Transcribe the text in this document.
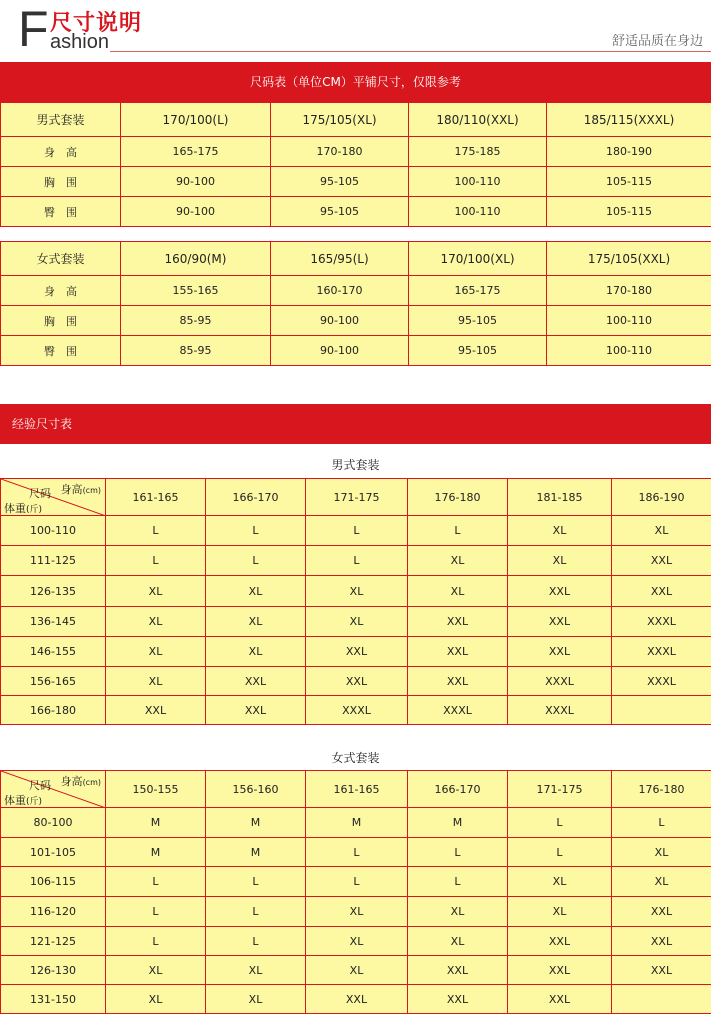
F 尺寸说明
ashion	舒适品质在身边
尺码表（单位CM）平铺尺寸，仅限参考
男式套装	170/100(L)	175/105(XL)	180/110(XXL)	185/115(XXXL)
身　高	165-175	170-180	175-185	180-190
胸　围	90-100	95-105	100-110	105-115
臀　围	90-100	95-105	100-110	105-115
女式套装	160/90(M)	165/95(L)	170/100(XL)	175/105(XXL)
身　高	155-165	160-170	165-175	170-180
胸　围	85-95	90-100	95-105	100-110
臀　围	85-95	90-100	95-105	100-110
经验尺寸表
男式套装
身高(cm)
尺码
体重(斤)	161-165	166-170	171-175	176-180	181-185	186-190
100-110	L	L	L	L	XL	XL
111-125	L	L	L	XL	XL	XXL
126-135	XL	XL	XL	XL	XXL	XXL
136-145	XL	XL	XL	XXL	XXL	XXXL
146-155	XL	XL	XXL	XXL	XXL	XXXL
156-165	XL	XXL	XXL	XXL	XXXL	XXXL
166-180	XXL	XXL	XXXL	XXXL	XXXL	
女式套装
身高(cm)
尺码
体重(斤)	150-155	156-160	161-165	166-170	171-175	176-180
80-100	M	M	M	M	L	L
101-105	M	M	L	L	L	XL
106-115	L	L	L	L	XL	XL
116-120	L	L	XL	XL	XL	XXL
121-125	L	L	XL	XL	XXL	XXL
126-130	XL	XL	XL	XXL	XXL	XXL
131-150	XL	XL	XXL	XXL	XXL	
